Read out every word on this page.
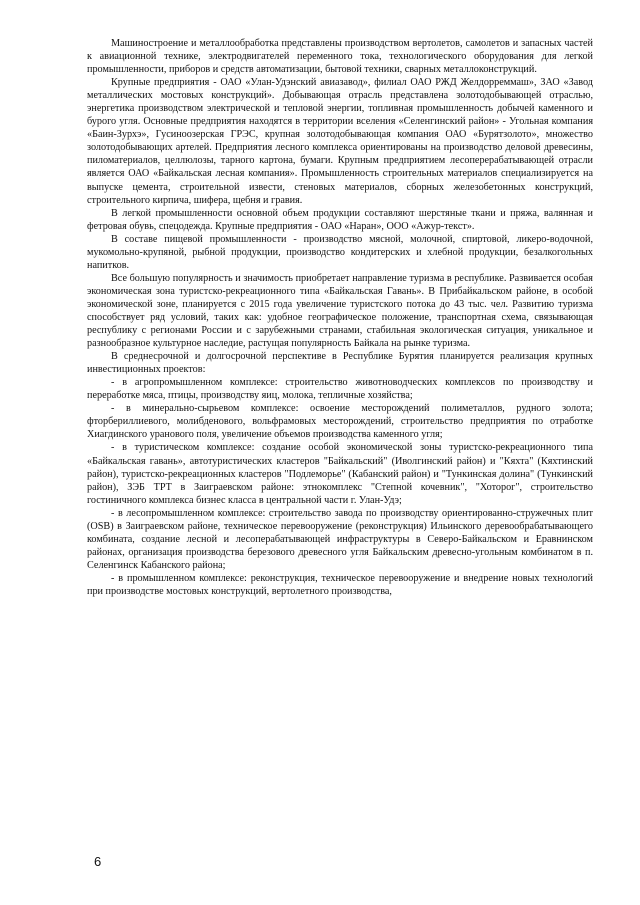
Машиностроение и металлообработка представлены производством вертолетов, самолетов и запасных частей к авиационной технике, электродвигателей переменного тока, технологического оборудования для легкой промышленности, приборов и средств автоматизации, бытовой техники, сварных металлоконструкций.

Крупные предприятия - ОАО «Улан-Удэнский авиазавод», филиал ОАО РЖД Желдорреммаш», ЗАО «Завод металлических мостовых конструкций». Добывающая отрасль представлена золотодобывающей отраслью, энергетика производством электрической и тепловой энергии, топливная промышленность добычей каменного и бурого угля. Основные предприятия находятся в территории вселения «Селенгинский район» - Угольная компания «Баин-Зурхэ», Гусиноозерская ГРЭС, крупная золотодобывающая компания ОАО «Бурятзолото», множество золотодобывающих артелей. Предприятия лесного комплекса ориентированы на производство деловой древесины, пиломатериалов, целлюлозы, тарного картона, бумаги. Крупным предприятием лесоперерабатывающей отрасли является ОАО «Байкальская лесная компания». Промышленность строительных материалов специализируется на выпуске цемента, строительной извести, стеновых материалов, сборных железобетонных конструкций, строительного кирпича, шифера, щебня и гравия.

В легкой промышленности основной объем продукции составляют шерстяные ткани и пряжа, валянная и фетровая обувь, спецодежда. Крупные предприятия - ОАО «Наран», ООО «Ажур-текст».

В составе пищевой промышленности - производство мясной, молочной, спиртовой, ликеро-водочной, мукомольно-крупяной, рыбной продукции, производство кондитерских и хлебной продукции, безалкогольных напитков.

Все большую популярность и значимость приобретает направление туризма в республике. Развивается особая экономическая зона туристско-рекреационного типа «Байкальская Гавань». В Прибайкальском районе, в особой экономической зоне, планируется с 2015 года увеличение туристского потока до 43 тыс. чел. Развитию туризма способствует ряд условий, таких как: удобное географическое положение, транспортная схема, связывающая республику с регионами России и с зарубежными странами, стабильная экологическая ситуация, уникальное и разнообразное культурное наследие, растущая популярность Байкала на рынке туризма.

В среднесрочной и долгосрочной перспективе в Республике Бурятия планируется реализация крупных инвестиционных проектов:

- в агропромышленном комплексе: строительство животноводческих комплексов по производству и переработке мяса, птицы, производству яиц, молока, тепличные хозяйства;

- в минерально-сырьевом комплексе: освоение месторождений полиметаллов, рудного золота; фторбериллиевого, молибденового, вольфрамовых месторождений, строительство предприятия по отработке Хиагдинского уранового поля, увеличение объемов производства каменного угля;

- в туристическом комплексе: создание особой экономической зоны туристско-рекреационного типа «Байкальская гавань», автотуристических кластеров "Байкальский" (Иволгинский район) и "Кяхта" (Кяхтинский район), туристско-рекреационных кластеров "Подлеморье" (Кабанский район) и "Тункинская долина" (Тункинский район), ЗЭБ ТРТ в Заиграевском районе: этнокомплекс "Степной кочевник", "Хоторог", строительство гостиничного комплекса бизнес класса в центральной части г. Улан-Удэ;

- в лесопромышленном комплексе: строительство завода по производству ориентированно-стружечных плит (OSB) в Заиграевском районе, техническое перевооружение (реконструкция) Ильинского деревообрабатывающего комбината, создание лесной и лесоперабатывающей инфраструктуры в Северо-Байкальском и Еравнинском районах, организация производства березового древесного угля Байкальским древесно-угольным комбинатом в п. Селенгинск Кабанского района;

- в промышленном комплексе: реконструкция, техническое перевооружение и внедрение новых технологий при производстве мостовых конструкций, вертолетного производства,

6
